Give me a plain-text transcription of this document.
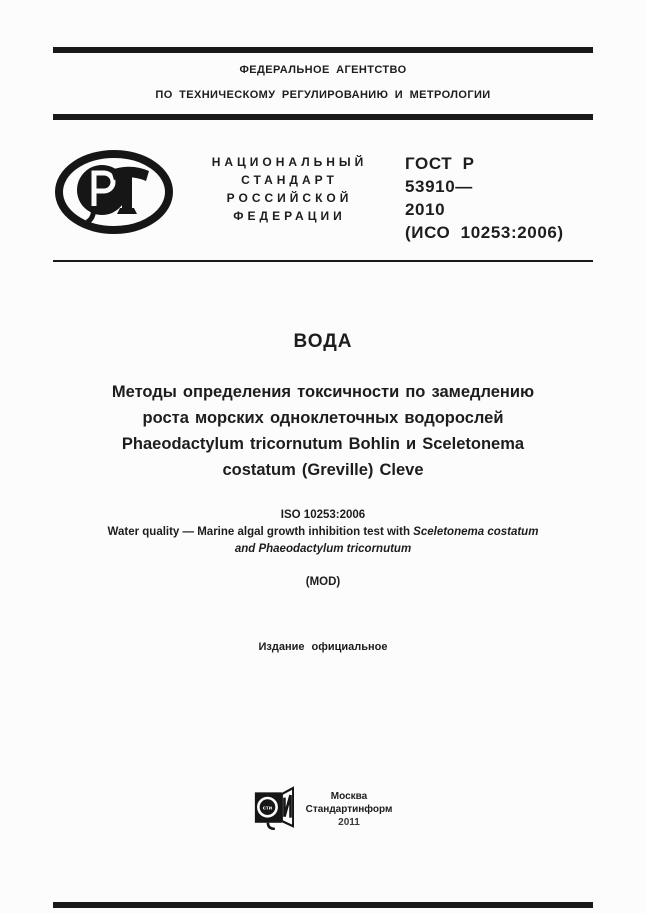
ФЕДЕРАЛЬНОЕ АГЕНТСТВО
ПО ТЕХНИЧЕСКОМУ РЕГУЛИРОВАНИЮ И МЕТРОЛОГИИ
НАЦИОНАЛЬНЫЙ
СТАНДАРТ
РОССИЙСКОЙ
ФЕДЕРАЦИИ
ГОСТ Р
53910—
2010
(ИСО 10253:2006)
ВОДА
Методы определения токсичности по замедлению
роста морских одноклеточных водорослей
Phaeodactylum tricornutum Bohlin и Sceletonema
costatum (Greville) Cleve
ISO 10253:2006
Water quality — Marine algal growth inhibition test with Sceletonema costatum
and Phaeodactylum tricornutum
(MOD)
Издание официальное
сти
Москва
Стандартинформ
2011
